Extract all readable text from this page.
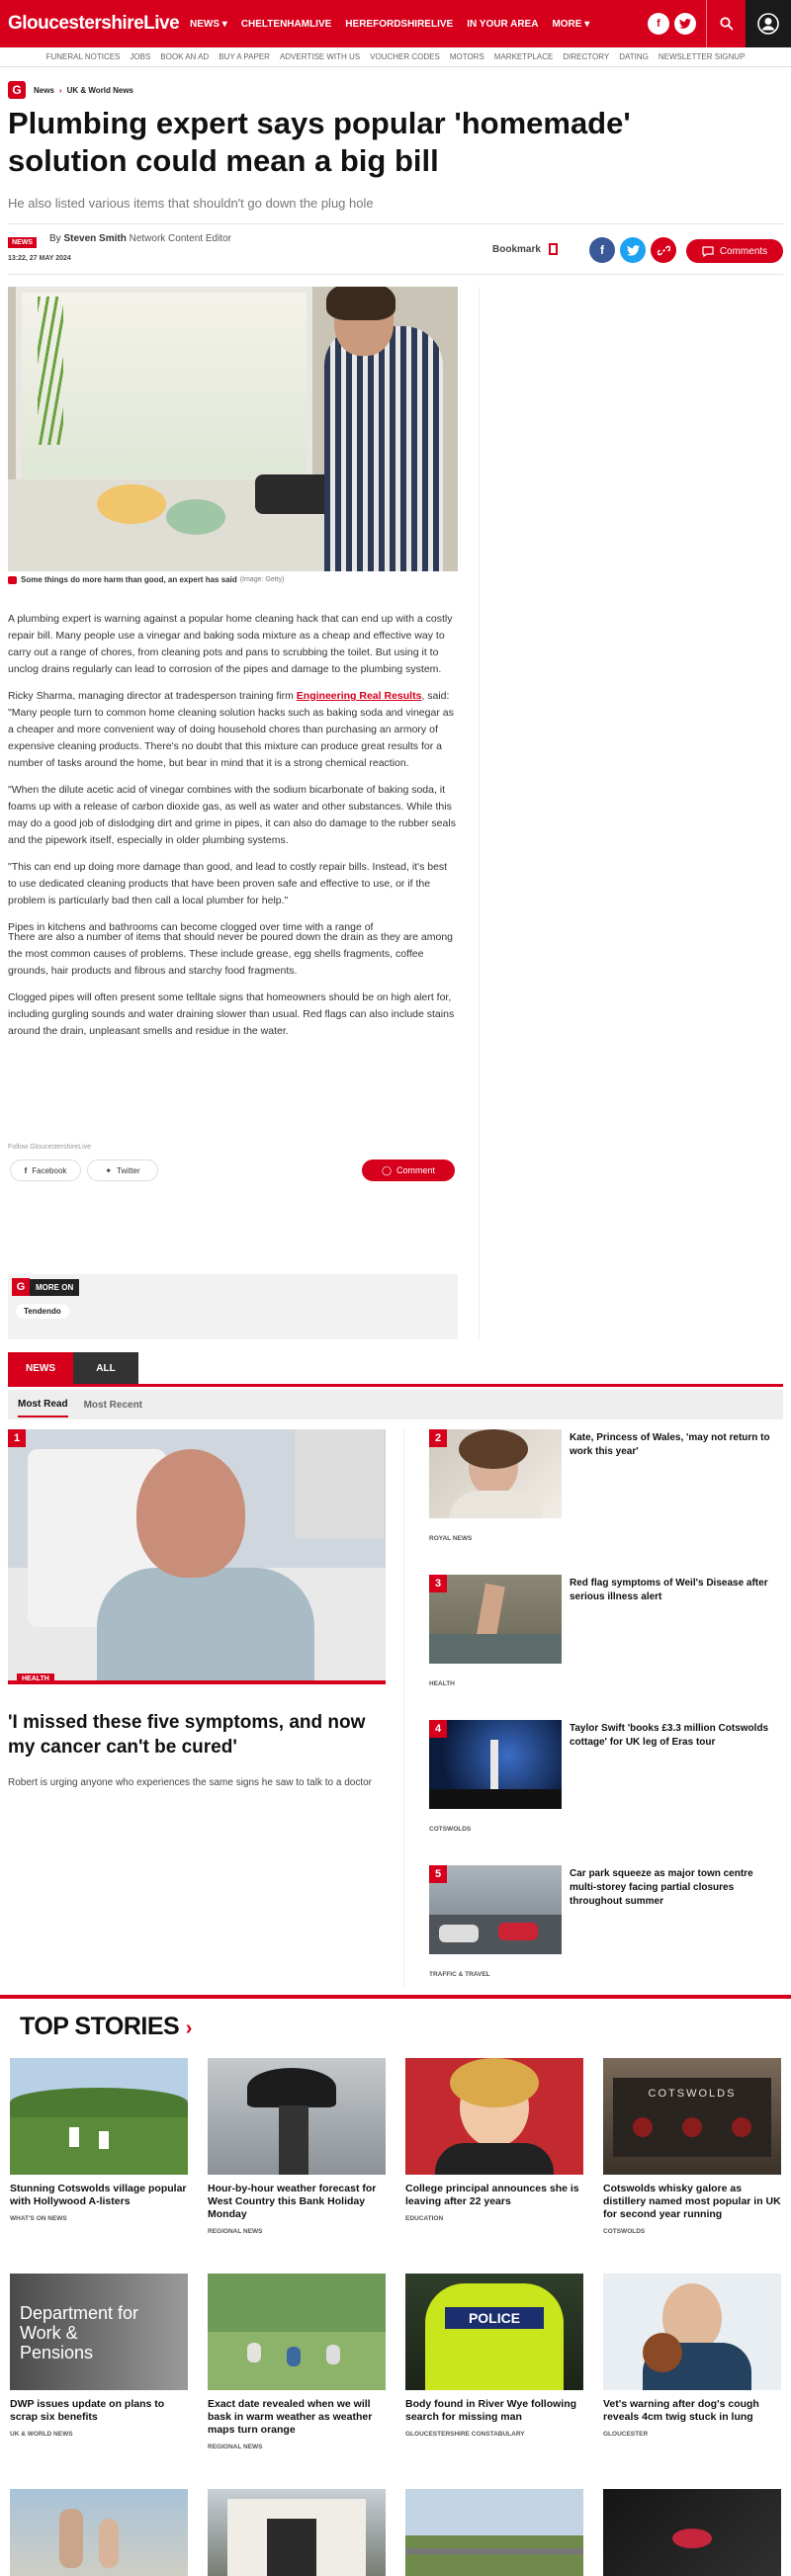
GloucestershireLive NEWS ▾ CHELTENHAMLIVE HEREFORDSHIRELIVE IN YOUR AREA MORE ▾	f
FUNERAL NOTICES JOBS BOOK AN AD BUY A PAPER ADVERTISE WITH US VOUCHER CODES MOTORS MARKETPLACE DIRECTORY DATING NEWSLETTER SIGNUP
G	News › UK & World News
Plumbing expert says popular 'homemade' solution could mean a big bill

He also listed various items that shouldn't go down the plug hole

NEWS	By Steven Smith Network Content Editor
13:22, 27 MAY 2024
Bookmark	f	Comments
Some things do more harm than good, an expert has said (Image: Getty)

A plumbing expert is warning against a popular home cleaning hack that can end up with a costly repair bill. Many people use a vinegar and baking soda mixture as a cheap and effective way to carry out a range of chores, from cleaning pots and pans to scrubbing the toilet. But using it to unclog drains regularly can lead to corrosion of the pipes and damage to the plumbing system.

Ricky Sharma, managing director at tradesperson training firm Engineering Real Results, said: "Many people turn to common home cleaning solution hacks such as baking soda and vinegar as a cheaper and more convenient way of doing household chores than purchasing an armory of expensive cleaning products. There's no doubt that this mixture can produce great results for a number of tasks around the home, but bear in mind that it is a strong chemical reaction.

"When the dilute acetic acid of vinegar combines with the sodium bicarbonate of baking soda, it foams up with a release of carbon dioxide gas, as well as water and other substances. While this may do a good job of dislodging dirt and grime in pipes, it can also do damage to the rubber seals and the pipework itself, especially in older plumbing systems.

"This can end up doing more damage than good, and lead to costly repair bills. Instead, it's best to use dedicated cleaning products that have been proven safe and effective to use, or if the problem is particularly bad then call a local plumber for help."

Pipes in kitchens and bathrooms can become clogged over time with a range of

There are also a number of items that should never be poured down the drain as they are among the most common causes of problems. These include grease, egg shells fragments, coffee grounds, hair products and fibrous and starchy food fragments.

Clogged pipes will often present some telltale signs that homeowners should be on high alert for, including gurgling sounds and water draining slower than usual. Red flags can also include stains around the drain, unpleasant smells and residue in the water.

Follow GloucestershireLive
f Facebook	✦ Twitter	◯ Comment
G	MORE ON
Tendendo
NEWS	ALL
Most Read Most Recent
1
HEALTH
'I missed these five symptoms, and now my cancer can't be cured'

Robert is urging anyone who experiences the same signs he saw to talk to a doctor

2	Kate, Princess of Wales, 'may not return to work this year'
ROYAL NEWS
3	Red flag symptoms of Weil's Disease after serious illness alert
HEALTH
4	Taylor Swift 'books £3.3 million Cotswolds cottage' for UK leg of Eras tour
COTSWOLDS
5	Car park squeeze as major town centre multi-storey facing partial closures throughout summer
TRAFFIC & TRAVEL
TOP STORIES ›
Stunning Cotswolds village popular with Hollywood A-listers
WHAT'S ON NEWS
Hour-by-hour weather forecast for West Country this Bank Holiday Monday
REGIONAL NEWS
College principal announces she is leaving after 22 years
EDUCATION
COTSWOLDS
Cotswolds whisky galore as distillery named most popular in UK for second year running
COTSWOLDS
Department for Work & Pensions
DWP issues update on plans to scrap six benefits
UK & WORLD NEWS
Exact date revealed when we will bask in warm weather as weather maps turn orange
REGIONAL NEWS
POLICE
Body found in River Wye following search for missing man
GLOUCESTERSHIRE CONSTABULARY
Vet's warning after dog's cough reveals 4cm twig stuck in lung
GLOUCESTER
